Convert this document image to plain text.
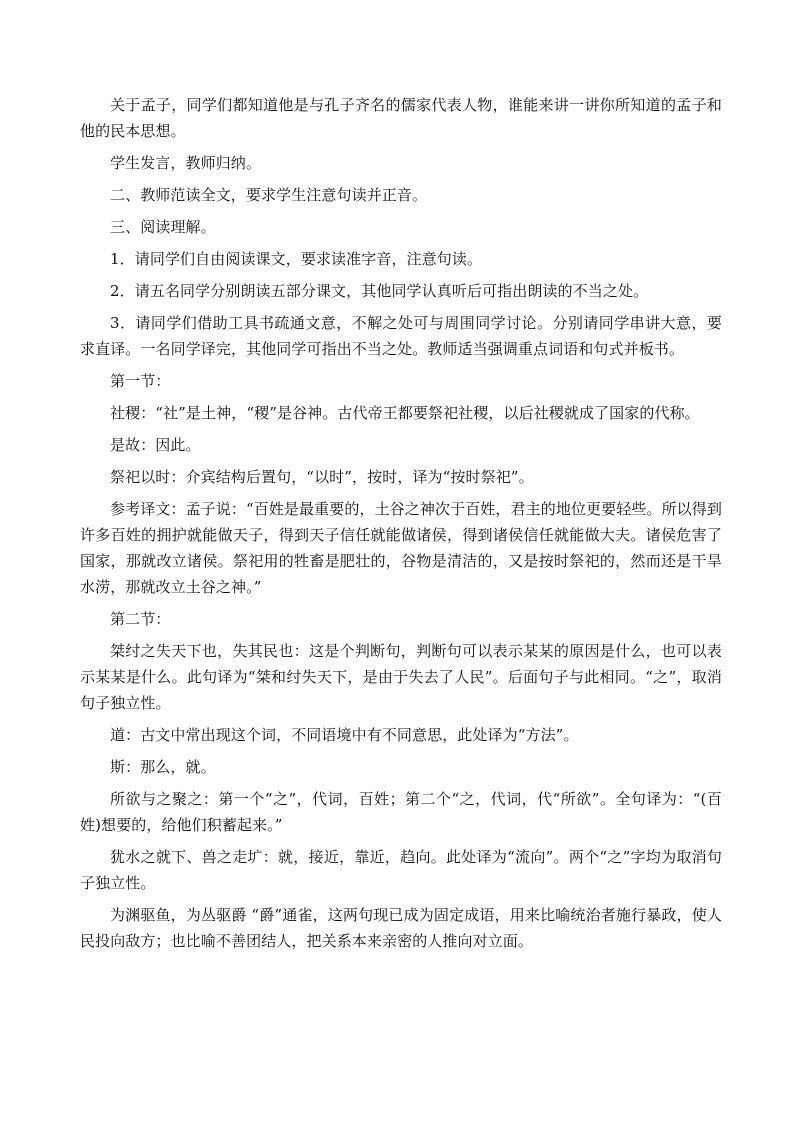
关于孟子，同学们都知道他是与孔子齐名的儒家代表人物，谁能来讲一讲你所知道的孟子和他的民本思想。

学生发言，教师归纳。

二、教师范读全文，要求学生注意句读并正音。

三、阅读理解。

1．请同学们自由阅读课文，要求读准字音，注意句读。

2．请五名同学分别朗读五部分课文，其他同学认真听后可指出朗读的不当之处。

3．请同学们借助工具书疏通文意，不解之处可与周围同学讨论。分别请同学串讲大意，要求直译。一名同学译完，其他同学可指出不当之处。教师适当强调重点词语和句式并板书。

第一节：

社稷：“社”是土神，“稷”是谷神。古代帝王都要祭祀社稷，以后社稷就成了国家的代称。

是故：因此。

祭祀以时：介宾结构后置句，“以时”，按时，译为“按时祭祀”。

参考译文：孟子说：“百姓是最重要的，土谷之神次于百姓，君主的地位更要轻些。所以得到许多百姓的拥护就能做天子，得到天子信任就能做诸侯，得到诸侯信任就能做大夫。诸侯危害了国家，那就改立诸侯。祭祀用的牲畜是肥壮的，谷物是清洁的，又是按时祭祀的，然而还是干旱水涝，那就改立土谷之神。”

第二节：

桀纣之失天下也，失其民也：这是个判断句，判断句可以表示某某的原因是什么，也可以表示某某是什么。此句译为“桀和纣失天下，是由于失去了人民”。后面句子与此相同。“之”，取消句子独立性。

道：古文中常出现这个词，不同语境中有不同意思，此处译为“方法”。

斯：那么，就。

所欲与之聚之：第一个“之”，代词，百姓；第二个“之，代词，代“所欲”。全句译为：“(百姓)想要的，给他们积蓄起来。”

犹水之就下、兽之走圹：就，接近，靠近，趋向。此处译为“流向”。两个“之”字均为取消句子独立性。

为渊驱鱼，为丛驱爵 “爵”通雀，这两句现已成为固定成语，用来比喻统治者施行暴政，使人民投向敌方；也比喻不善团结人，把关系本来亲密的人推向对立面。
